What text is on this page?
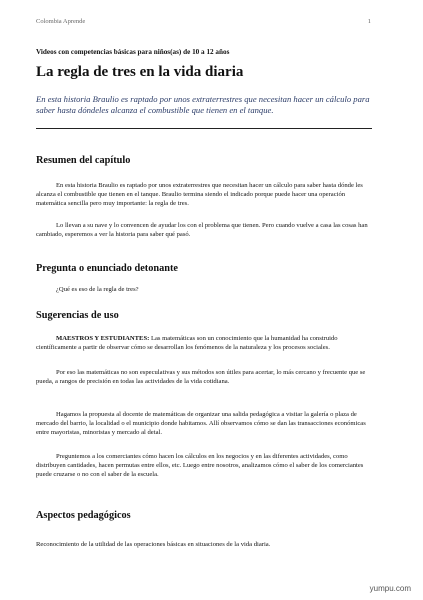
Colombia Aprende	1
Videos con competencias básicas para niños(as) de 10 a 12 años
La regla de tres en la vida diaria

En esta historia Braulio es raptado por unos extraterrestres que necesitan hacer un cálculo para saber hasta dóndeles alcanza el combustible que tienen en el tanque.

Resumen del capítulo

En esta historia Braulio es raptado por unos extraterrestres que necesitan hacer un cálculo para saber hasta dónde les alcanza el combustible que tienen en el tanque. Braulio termina siendo el indicado porque puede hacer una operación matemática sencilla pero muy importante: la regla de tres.

Lo llevan a su nave y lo convencen de ayudar los con el problema que tienen. Pero cuando vuelve a casa las cosas han cambiado, esperemos a ver la historia para saber qué pasó.

Pregunta o enunciado detonante

¿Qué es eso de la regla de tres?

Sugerencias de uso

MAESTROS Y ESTUDIANTES: Las matemáticas son un conocimiento que la humanidad ha construido científicamente a partir de observar cómo se desarrollan los fenómenos de la naturaleza y los procesos sociales.

Por eso las matemáticas no son especulativas y sus métodos son útiles para acertar, lo más cercano y frecuente que se pueda, a rangos de precisión en todas las actividades de la vida cotidiana.

Hagamos la propuesta al docente de matemáticas de organizar una salida pedagógica a visitar la galería o plaza de mercado del barrio, la localidad o el municipio donde habitamos. Allí observamos cómo se dan las transacciones económicas entre mayoristas, minoristas y mercado al detal.

Preguntemos a los comerciantes cómo hacen los cálculos en los negocios y en las diferentes actividades, como distribuyen cantidades, hacen permutas entre ellos, etc. Luego entre nosotros, analizamos cómo el saber de los comerciantes puede cruzarse o no con el saber de la escuela.

Aspectos pedagógicos

Reconocimiento de la utilidad de las operaciones básicas en situaciones de la vida diaria.

yumpu.com
